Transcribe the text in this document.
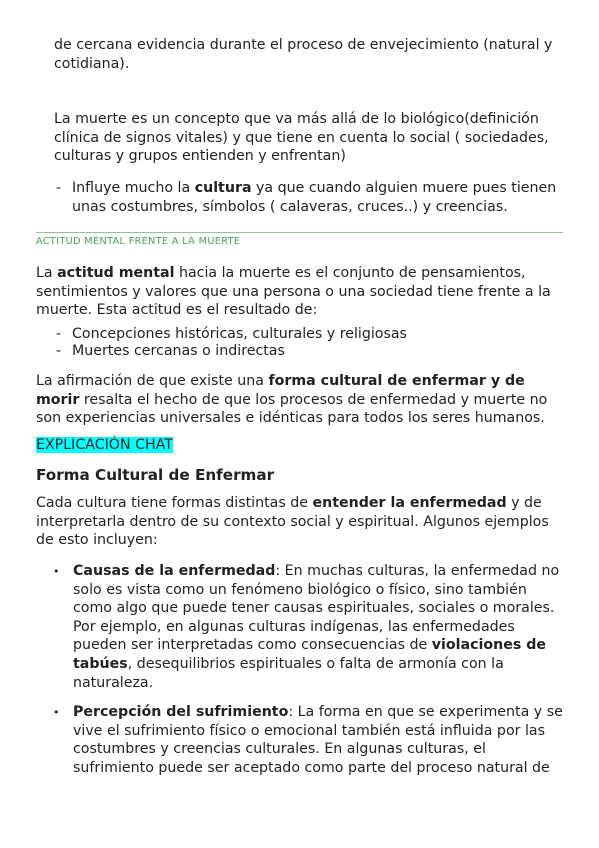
de cercana evidencia durante el proceso de envejecimiento (natural y
cotidiana).

La muerte es un concepto que va más allá de lo biológico(definición
clínica de signos vitales) y que tiene en cuenta lo social ( sociedades,
culturas y grupos entienden y enfrentan)

- Influye mucho la cultura ya que cuando alguien muere pues tienen
unas costumbres, símbolos ( calaveras, cruces..) y creencias.
ACTITUD MENTAL FRENTE A LA MUERTE

La actitud mental hacia la muerte es el conjunto de pensamientos,
sentimientos y valores que una persona o una sociedad tiene frente a la
muerte. Esta actitud es el resultado de:

- Concepciones históricas, culturales y religiosas
- Muertes cercanas o indirectas

La afirmación de que existe una forma cultural de enfermar y de
morir resalta el hecho de que los procesos de enfermedad y muerte no
son experiencias universales e idénticas para todos los seres humanos.

EXPLICACIÓN CHAT
Forma Cultural de Enfermar

Cada cultura tiene formas distintas de entender la enfermedad y de
interpretarla dentro de su contexto social y espiritual. Algunos ejemplos
de esto incluyen:

• Causas de la enfermedad: En muchas culturas, la enfermedad no
solo es vista como un fenómeno biológico o físico, sino también
como algo que puede tener causas espirituales, sociales o morales.
Por ejemplo, en algunas culturas indígenas, las enfermedades
pueden ser interpretadas como consecuencias de violaciones de
tabúes, desequilibrios espirituales o falta de armonía con la
naturaleza.

• Percepción del sufrimiento: La forma en que se experimenta y se
vive el sufrimiento físico o emocional también está influida por las
costumbres y creencias culturales. En algunas culturas, el
sufrimiento puede ser aceptado como parte del proceso natural de
